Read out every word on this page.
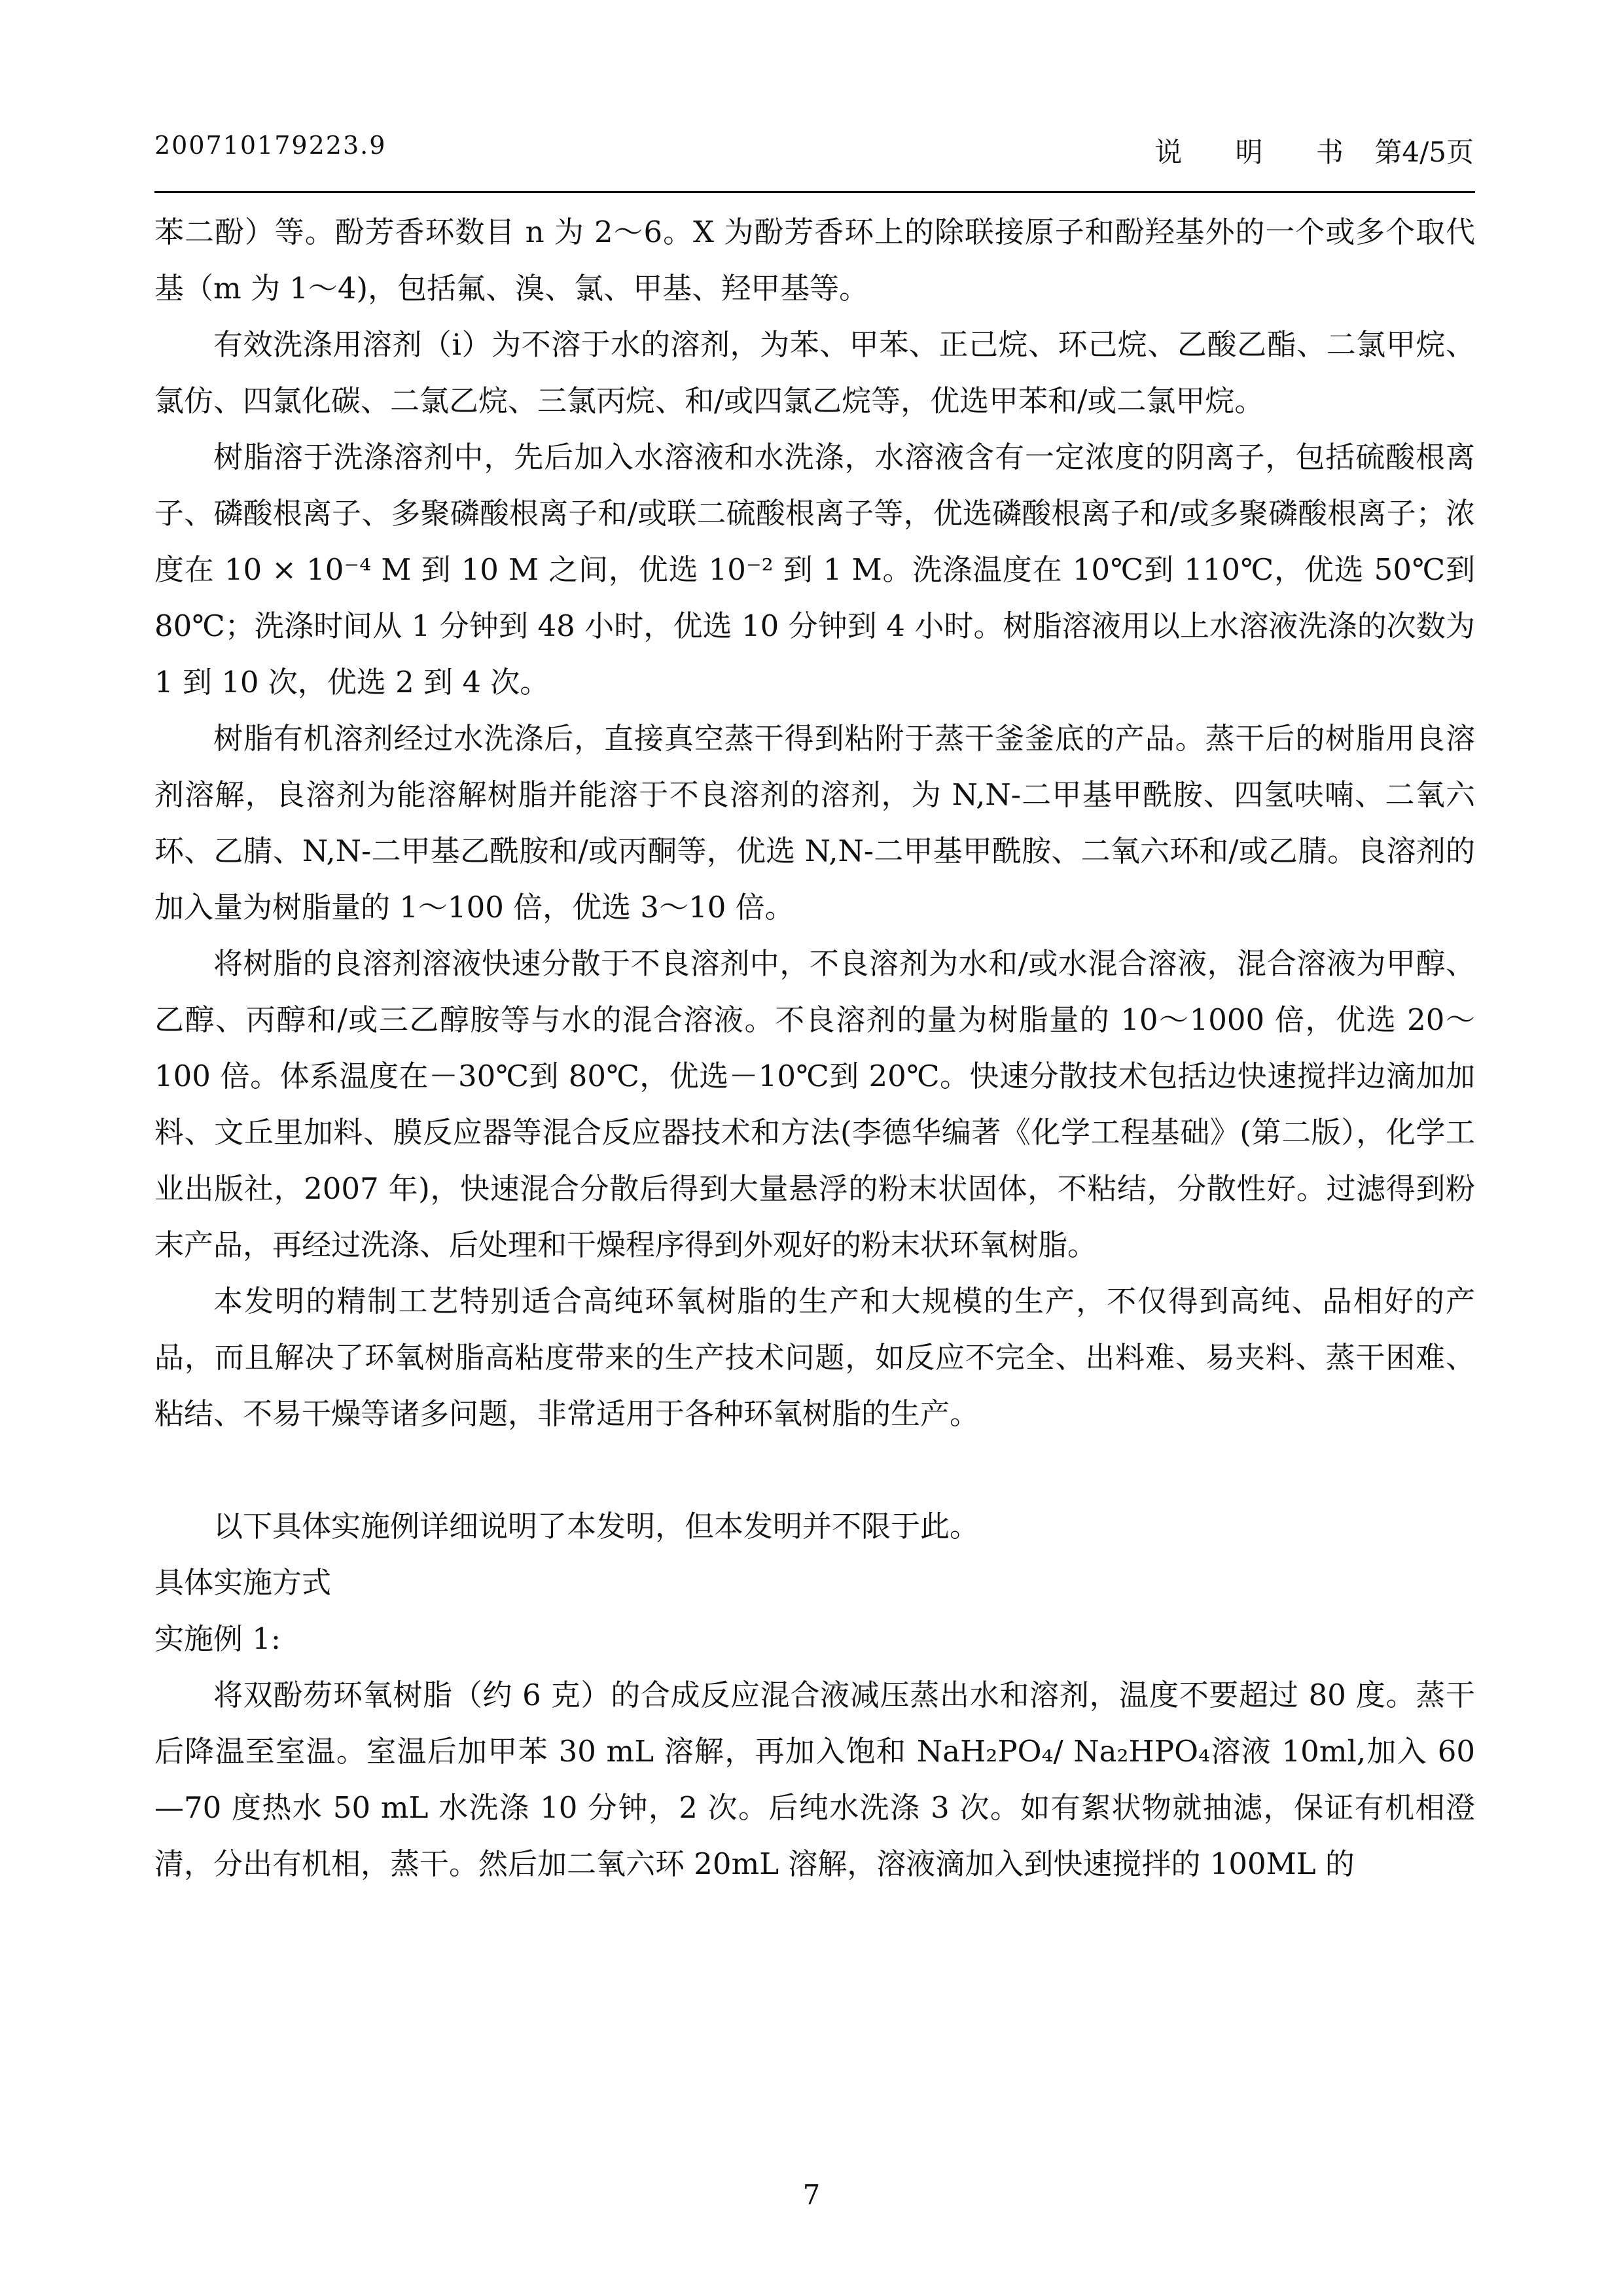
200710179223.9	说 明 书 第4/5页

苯二酚）等。酚芳香环数目 n 为 2～6。X 为酚芳香环上的除联接原子和酚羟基外的一个或多个取代基（m 为 1～4)，包括氟、溴、氯、甲基、羟甲基等。

有效洗涤用溶剂（i）为不溶于水的溶剂，为苯、甲苯、正己烷、环己烷、乙酸乙酯、二氯甲烷、氯仿、四氯化碳、二氯乙烷、三氯丙烷、和/或四氯乙烷等，优选甲苯和/或二氯甲烷。

树脂溶于洗涤溶剂中，先后加入水溶液和水洗涤，水溶液含有一定浓度的阴离子，包括硫酸根离子、磷酸根离子、多聚磷酸根离子和/或联二硫酸根离子等，优选磷酸根离子和/或多聚磷酸根离子；浓度在 10 × 10⁻⁴ M 到 10 M 之间，优选 10⁻² 到 1 M。洗涤温度在 10℃到 110℃，优选 50℃到 80℃；洗涤时间从 1 分钟到 48 小时，优选 10 分钟到 4 小时。树脂溶液用以上水溶液洗涤的次数为 1 到 10 次，优选 2 到 4 次。

树脂有机溶剂经过水洗涤后，直接真空蒸干得到粘附于蒸干釜釜底的产品。蒸干后的树脂用良溶剂溶解，良溶剂为能溶解树脂并能溶于不良溶剂的溶剂，为 N,N-二甲基甲酰胺、四氢呋喃、二氧六环、乙腈、N,N-二甲基乙酰胺和/或丙酮等，优选 N,N-二甲基甲酰胺、二氧六环和/或乙腈。良溶剂的加入量为树脂量的 1～100 倍，优选 3～10 倍。

将树脂的良溶剂溶液快速分散于不良溶剂中，不良溶剂为水和/或水混合溶液，混合溶液为甲醇、乙醇、丙醇和/或三乙醇胺等与水的混合溶液。不良溶剂的量为树脂量的 10～1000 倍，优选 20～100 倍。体系温度在－30℃到 80℃，优选－10℃到 20℃。快速分散技术包括边快速搅拌边滴加加料、文丘里加料、膜反应器等混合反应器技术和方法(李德华编著《化学工程基础》(第二版），化学工业出版社，2007 年)，快速混合分散后得到大量悬浮的粉末状固体，不粘结，分散性好。过滤得到粉末产品，再经过洗涤、后处理和干燥程序得到外观好的粉末状环氧树脂。

本发明的精制工艺特别适合高纯环氧树脂的生产和大规模的生产，不仅得到高纯、品相好的产品，而且解决了环氧树脂高粘度带来的生产技术问题，如反应不完全、出料难、易夹料、蒸干困难、粘结、不易干燥等诸多问题，非常适用于各种环氧树脂的生产。

以下具体实施例详细说明了本发明，但本发明并不限于此。

具体实施方式

实施例 1:

将双酚芴环氧树脂（约 6 克）的合成反应混合液减压蒸出水和溶剂，温度不要超过 80 度。蒸干后降温至室温。室温后加甲苯 30 mL 溶解，再加入饱和 NaH₂PO₄/ Na₂HPO₄溶液 10ml,加入 60—70 度热水 50 mL 水洗涤 10 分钟，2 次。后纯水洗涤 3 次。如有絮状物就抽滤，保证有机相澄清，分出有机相，蒸干。然后加二氧六环 20mL 溶解，溶液滴加入到快速搅拌的 100ML 的

7
